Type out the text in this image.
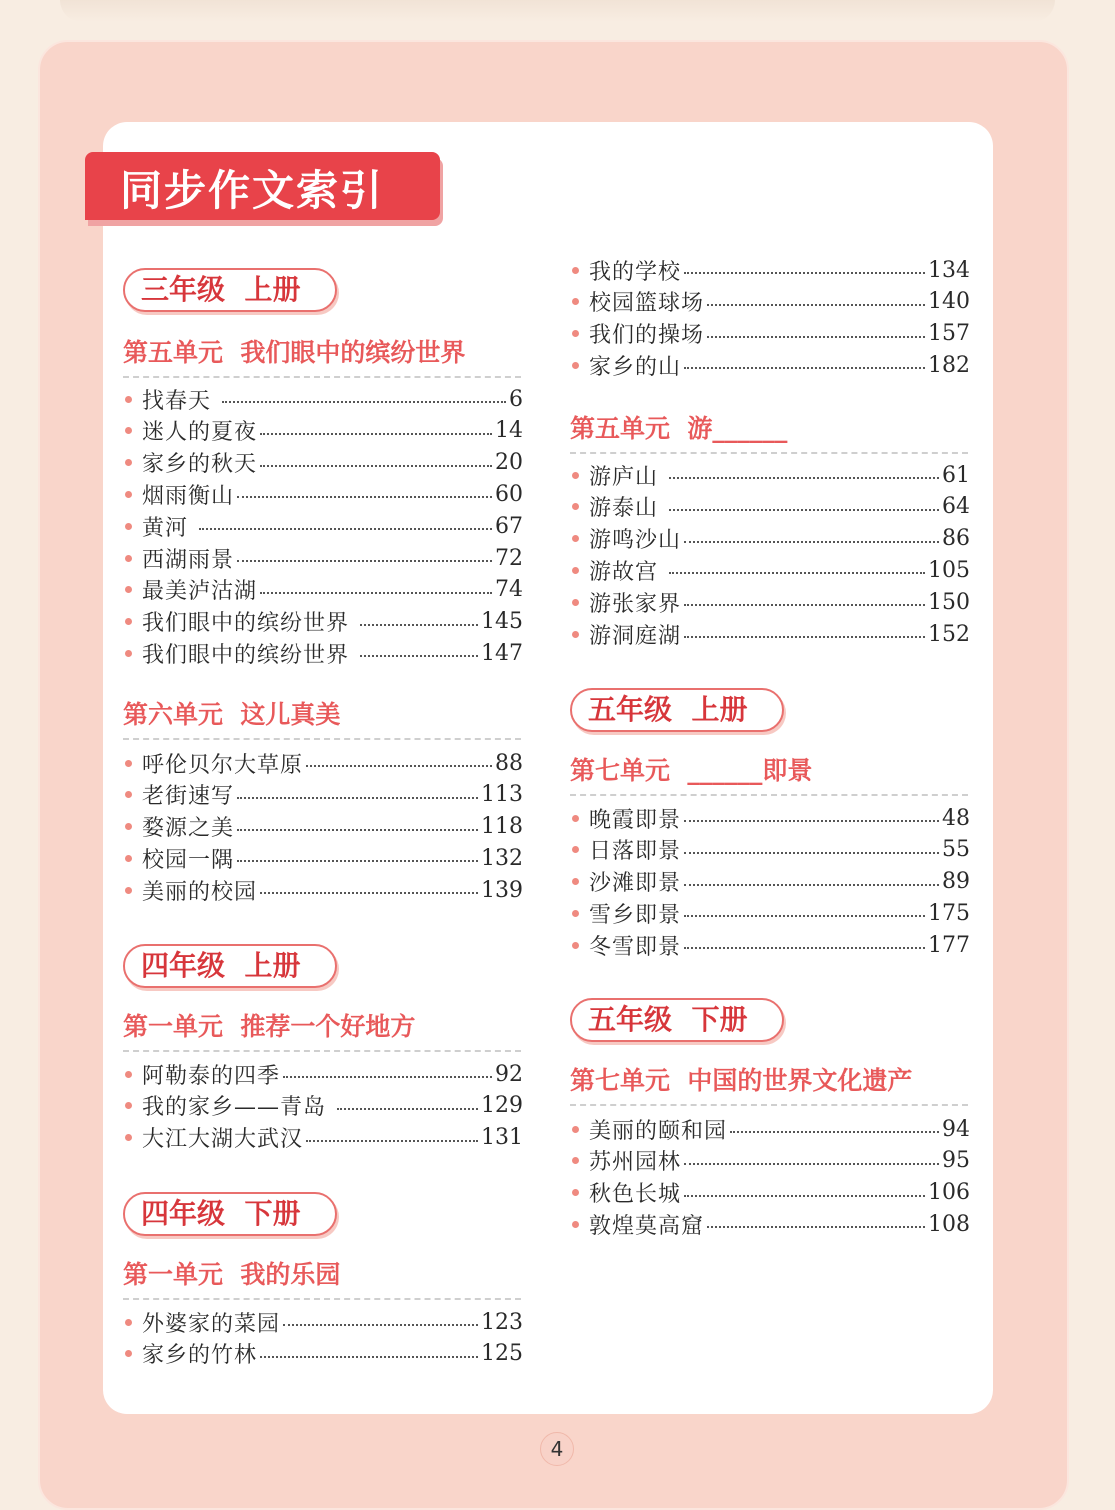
同步作文索引
三年级  上册
第五单元  我们眼中的缤纷世界
找春天	6
迷人的夏夜	14
家乡的秋天	20
烟雨衡山	60
黄河	67
西湖雨景	72
最美泸沽湖	74
我们眼中的缤纷世界	145
我们眼中的缤纷世界	147
第六单元  这儿真美
呼伦贝尔大草原	88
老街速写	113
婺源之美	118
校园一隅	132
美丽的校园	139
四年级  上册
第一单元  推荐一个好地方
阿勒泰的四季	92
我的家乡——青岛	129
大江大湖大武汉	131
四年级  下册
第一单元  我的乐园
外婆家的菜园	123
家乡的竹林	125
我的学校	134
校园篮球场	140
我们的操场	157
家乡的山	182
第五单元  游______
游庐山	61
游泰山	64
游鸣沙山	86
游故宫	105
游张家界	150
游洞庭湖	152
五年级  上册
第七单元  ______即景
晚霞即景	48
日落即景	55
沙滩即景	89
雪乡即景	175
冬雪即景	177
五年级  下册
第七单元  中国的世界文化遗产
美丽的颐和园	94
苏州园林	95
秋色长城	106
敦煌莫高窟	108
4
